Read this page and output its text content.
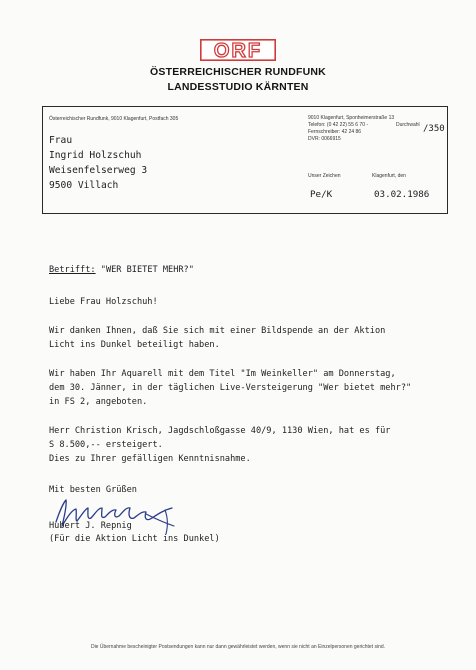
ORF
ÖSTERREICHISCHER RUNDFUNK
LANDESSTUDIO KÄRNTEN
Österreichischer Rundfunk, 9010 Klagenfurt, Postfach 305	9010 Klagenfurt, Sponheimerstraße 13
Telefon: (0 42 22) 55 6 70 -	Durchwahl /350
Fernschreiber: 42 24 86
DVR: 0066915
Frau
Ingrid Holzschuh
Weisenfelserweg 3
9500 Villach
Unser Zeichen	Klagenfurt, den
Pe/K	03.02.1986
Betrifft: "WER BIETET MEHR?"
Liebe Frau Holzschuh!
Wir danken Ihnen, daß Sie sich mit einer Bildspende an der Aktion
Licht ins Dunkel beteiligt haben.
Wir haben Ihr Aquarell mit dem Titel "Im Weinkeller" am Donnerstag,
dem 30. Jänner, in der täglichen Live-Versteigerung "Wer bietet mehr?"
in FS 2, angeboten.
Herr Christion Krisch, Jagdschloßgasse 40/9, 1130 Wien, hat es für
S 8.500,-- ersteigert.
Dies zu Ihrer gefälligen Kenntnisnahme.
Mit besten Grüßen
Hubert J. Repnig
(Für die Aktion Licht ins Dunkel)
Die Übernahme bescheinigter Postsendungen kann nur dann gewährleistet werden, wenn sie nicht an Einzelpersonen gerichtet sind.
